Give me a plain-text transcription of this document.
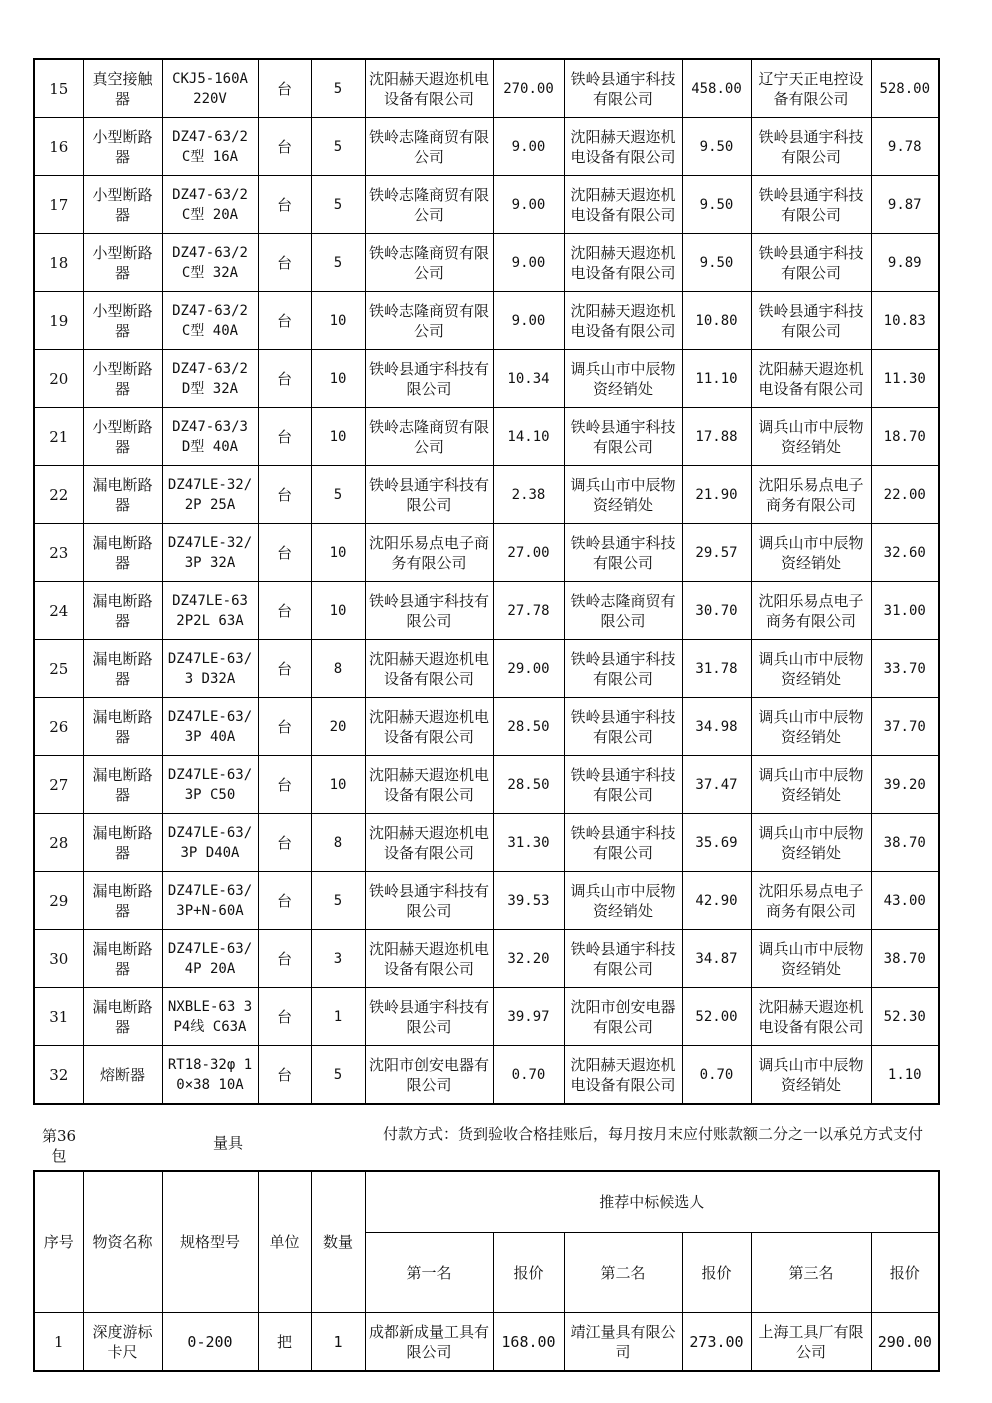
15	真空接触器	CKJ5-160A 220V	台	5	沈阳赫天遐迩机电设备有限公司	270.00	铁岭县通宇科技有限公司	458.00	辽宁天正电控设备有限公司	528.00
16	小型断路器	DZ47-63/2 C型 16A	台	5	铁岭志隆商贸有限公司	9.00	沈阳赫天遐迩机电设备有限公司	9.50	铁岭县通宇科技有限公司	9.78
17	小型断路器	DZ47-63/2 C型 20A	台	5	铁岭志隆商贸有限公司	9.00	沈阳赫天遐迩机电设备有限公司	9.50	铁岭县通宇科技有限公司	9.87
18	小型断路器	DZ47-63/2 C型 32A	台	5	铁岭志隆商贸有限公司	9.00	沈阳赫天遐迩机电设备有限公司	9.50	铁岭县通宇科技有限公司	9.89
19	小型断路器	DZ47-63/2 C型 40A	台	10	铁岭志隆商贸有限公司	9.00	沈阳赫天遐迩机电设备有限公司	10.80	铁岭县通宇科技有限公司	10.83
20	小型断路器	DZ47-63/2 D型 32A	台	10	铁岭县通宇科技有限公司	10.34	调兵山市中辰物资经销处	11.10	沈阳赫天遐迩机电设备有限公司	11.30
21	小型断路器	DZ47-63/3 D型 40A	台	10	铁岭志隆商贸有限公司	14.10	铁岭县通宇科技有限公司	17.88	调兵山市中辰物资经销处	18.70
22	漏电断路器	DZ47LE-32/2P 25A	台	5	铁岭县通宇科技有限公司	2.38	调兵山市中辰物资经销处	21.90	沈阳乐易点电子商务有限公司	22.00
23	漏电断路器	DZ47LE-32/3P 32A	台	10	沈阳乐易点电子商务有限公司	27.00	铁岭县通宇科技有限公司	29.57	调兵山市中辰物资经销处	32.60
24	漏电断路器	DZ47LE-63 2P2L 63A	台	10	铁岭县通宇科技有限公司	27.78	铁岭志隆商贸有限公司	30.70	沈阳乐易点电子商务有限公司	31.00
25	漏电断路器	DZ47LE-63/3 D32A	台	8	沈阳赫天遐迩机电设备有限公司	29.00	铁岭县通宇科技有限公司	31.78	调兵山市中辰物资经销处	33.70
26	漏电断路器	DZ47LE-63/3P 40A	台	20	沈阳赫天遐迩机电设备有限公司	28.50	铁岭县通宇科技有限公司	34.98	调兵山市中辰物资经销处	37.70
27	漏电断路器	DZ47LE-63/3P C50	台	10	沈阳赫天遐迩机电设备有限公司	28.50	铁岭县通宇科技有限公司	37.47	调兵山市中辰物资经销处	39.20
28	漏电断路器	DZ47LE-63/3P D40A	台	8	沈阳赫天遐迩机电设备有限公司	31.30	铁岭县通宇科技有限公司	35.69	调兵山市中辰物资经销处	38.70
29	漏电断路器	DZ47LE-63/3P+N-60A	台	5	铁岭县通宇科技有限公司	39.53	调兵山市中辰物资经销处	42.90	沈阳乐易点电子商务有限公司	43.00
30	漏电断路器	DZ47LE-63/4P 20A	台	3	沈阳赫天遐迩机电设备有限公司	32.20	铁岭县通宇科技有限公司	34.87	调兵山市中辰物资经销处	38.70
31	漏电断路器	NXBLE-63 3P4线 C63A	台	1	铁岭县通宇科技有限公司	39.97	沈阳市创安电器有限公司	52.00	沈阳赫天遐迩机电设备有限公司	52.30
32	熔断器	RT18-32φ 10×38 10A	台	5	沈阳市创安电器有限公司	0.70	沈阳赫天遐迩机电设备有限公司	0.70	调兵山市中辰物资经销处	1.10
第36包
量具	付款方式：货到验收合格挂账后，每月按月末应付账款额二分之一以承兑方式支付
序号	物资名称	规格型号	单位	数量	推荐中标候选人					
					第一名	报价	第二名	报价	第三名	报价
1	深度游标卡尺	0-200	把	1	成都新成量工具有限公司	168.00	靖江量具有限公司	273.00	上海工具厂有限公司	290.00
